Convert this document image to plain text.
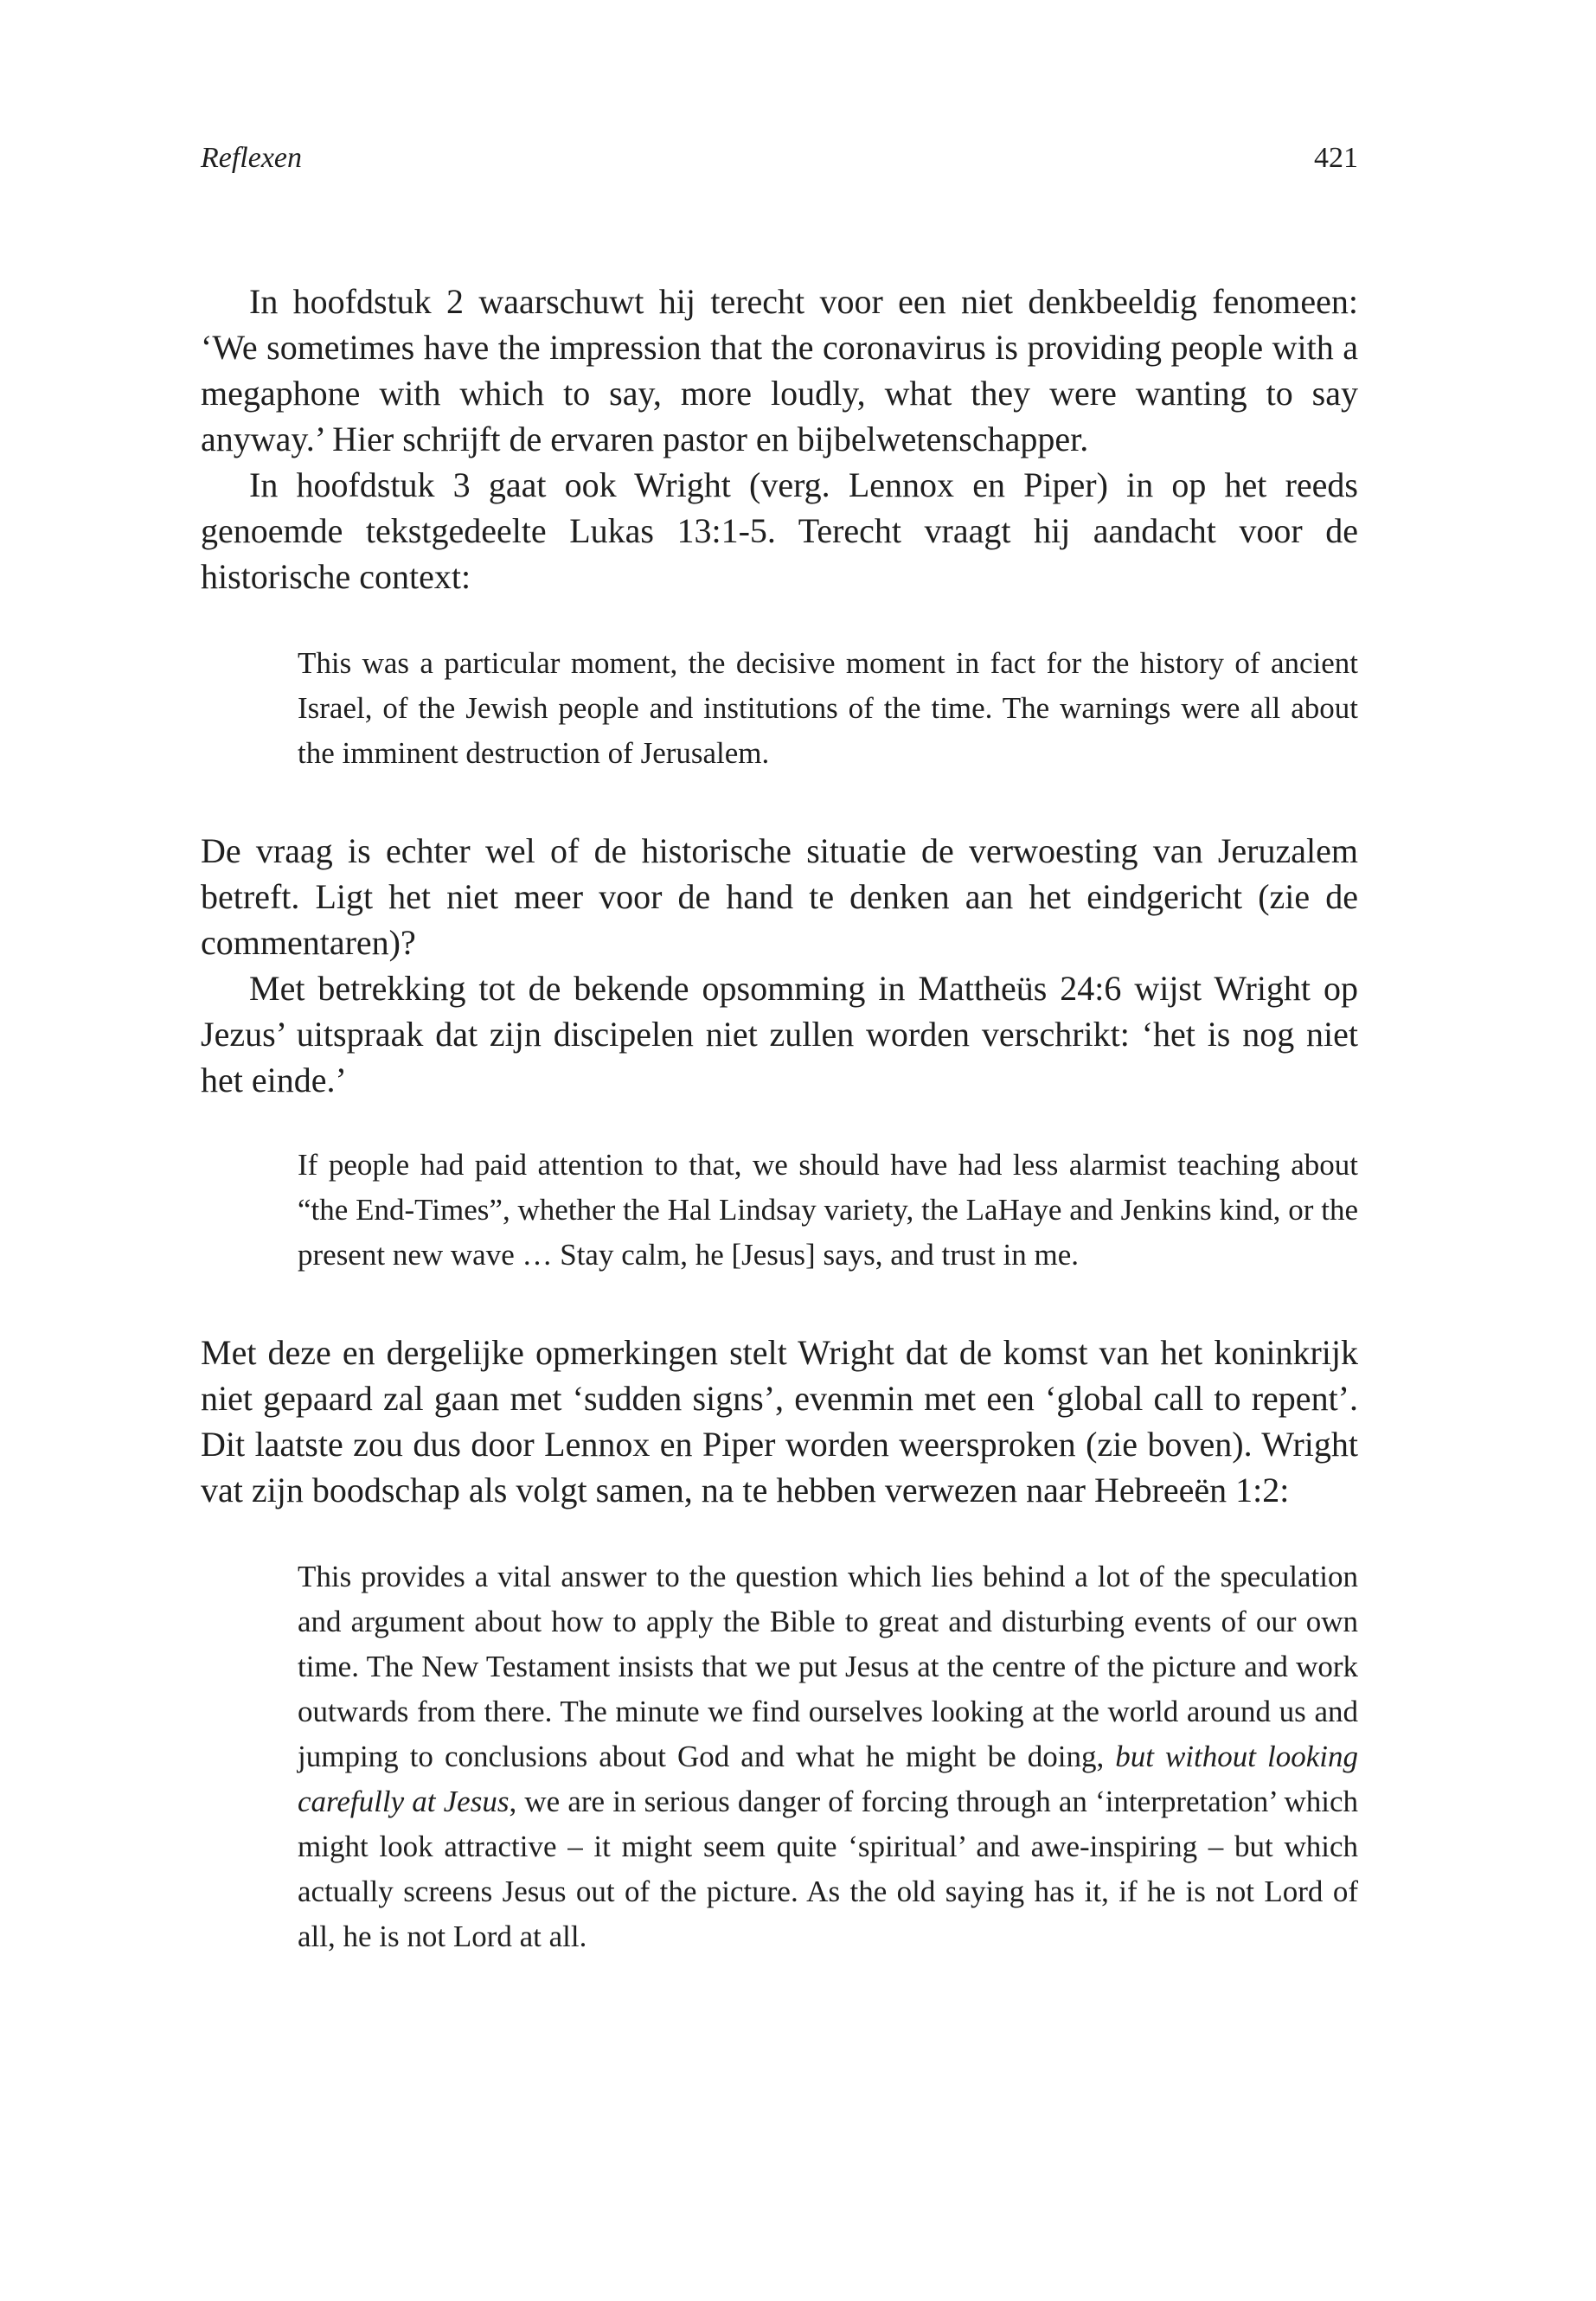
Reflexen	421

In hoofdstuk 2 waarschuwt hij terecht voor een niet denkbeeldig fenomeen: ‘We sometimes have the impression that the coronavirus is providing people with a megaphone with which to say, more loudly, what they were wanting to say anyway.’ Hier schrijft de ervaren pastor en bijbelwetenschapper.

In hoofdstuk 3 gaat ook Wright (verg. Lennox en Piper) in op het reeds genoemde tekstgedeelte Lukas 13:1-5. Terecht vraagt hij aandacht voor de historische context:

This was a particular moment, the decisive moment in fact for the history of ancient Israel, of the Jewish people and institutions of the time. The warnings were all about the imminent destruction of Jerusalem.

De vraag is echter wel of de historische situatie de verwoesting van Jeruzalem betreft. Ligt het niet meer voor de hand te denken aan het eindgericht (zie de commentaren)?

Met betrekking tot de bekende opsomming in Mattheüs 24:6 wijst Wright op Jezus’ uitspraak dat zijn discipelen niet zullen worden verschrikt: ‘het is nog niet het einde.’

If people had paid attention to that, we should have had less alarmist teaching about “the End-Times”, whether the Hal Lindsay variety, the LaHaye and Jenkins kind, or the present new wave … Stay calm, he [Jesus] says, and trust in me.

Met deze en dergelijke opmerkingen stelt Wright dat de komst van het koninkrijk niet gepaard zal gaan met ‘sudden signs’, evenmin met een ‘global call to repent’. Dit laatste zou dus door Lennox en Piper worden weersproken (zie boven). Wright vat zijn boodschap als volgt samen, na te hebben verwezen naar Hebreeën 1:2:

This provides a vital answer to the question which lies behind a lot of the speculation and argument about how to apply the Bible to great and disturbing events of our own time. The New Testament insists that we put Jesus at the centre of the picture and work outwards from there. The minute we find ourselves looking at the world around us and jumping to conclusions about God and what he might be doing, but without looking carefully at Jesus, we are in serious danger of forcing through an ‘interpretation’ which might look attractive – it might seem quite ‘spiritual’ and awe-inspiring – but which actually screens Jesus out of the picture. As the old saying has it, if he is not Lord of all, he is not Lord at all.
